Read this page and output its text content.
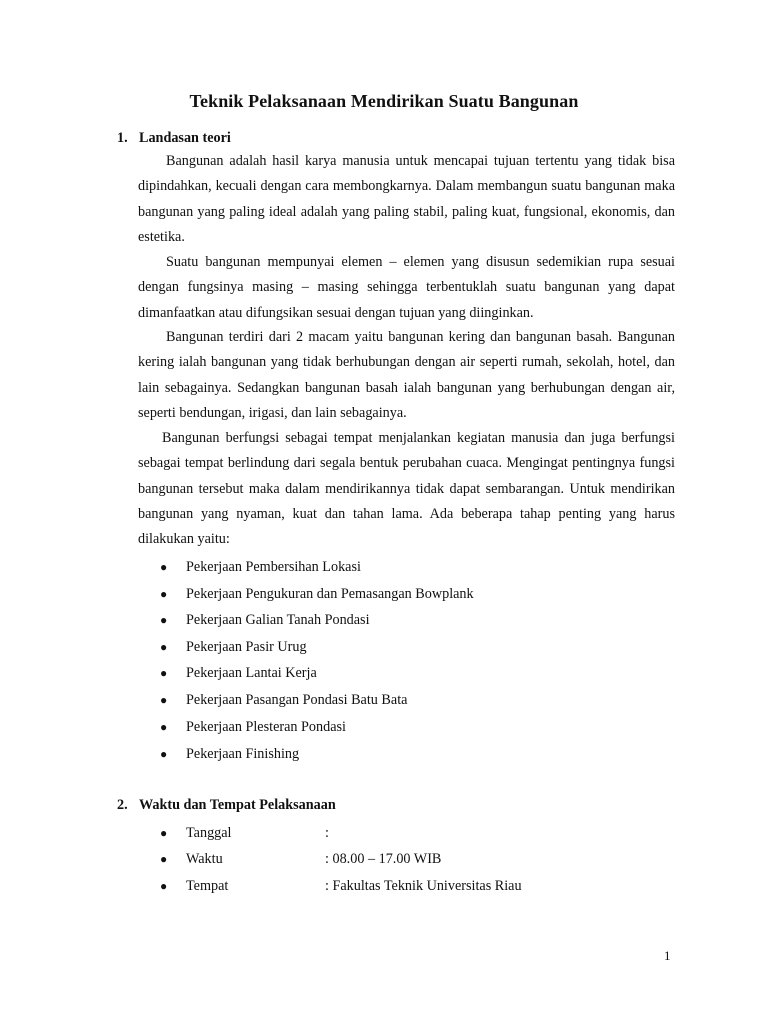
Teknik Pelaksanaan Mendirikan Suatu Bangunan
1. Landasan teori

Bangunan adalah hasil karya manusia untuk mencapai tujuan tertentu yang tidak bisa dipindahkan, kecuali dengan cara membongkarnya. Dalam membangun suatu bangunan maka bangunan yang paling ideal adalah yang paling stabil, paling kuat, fungsional, ekonomis, dan estetika.

Suatu bangunan mempunyai elemen – elemen yang disusun sedemikian rupa sesuai dengan fungsinya masing – masing sehingga terbentuklah suatu bangunan yang dapat dimanfaatkan atau difungsikan sesuai dengan tujuan yang diinginkan.

Bangunan terdiri dari 2 macam yaitu bangunan kering dan bangunan basah. Bangunan kering ialah bangunan yang tidak berhubungan dengan air seperti rumah, sekolah, hotel, dan lain sebagainya. Sedangkan bangunan basah ialah bangunan yang berhubungan dengan air, seperti bendungan, irigasi, dan lain sebagainya.

Bangunan berfungsi sebagai tempat menjalankan kegiatan manusia dan juga berfungsi sebagai tempat berlindung dari segala bentuk perubahan cuaca. Mengingat pentingnya fungsi bangunan tersebut maka dalam mendirikannya tidak dapat sembarangan. Untuk mendirikan bangunan yang nyaman, kuat dan tahan lama. Ada beberapa tahap penting yang harus dilakukan yaitu:

●	Pekerjaan Pembersihan Lokasi
●	Pekerjaan Pengukuran dan Pemasangan Bowplank
●	Pekerjaan Galian Tanah Pondasi
●	Pekerjaan Pasir Urug
●	Pekerjaan Lantai Kerja
●	Pekerjaan Pasangan Pondasi Batu Bata
●	Pekerjaan Plesteran Pondasi
●	Pekerjaan Finishing
2. Waktu dan Tempat Pelaksanaan
● Tanggal	:
● Waktu	: 08.00 – 17.00 WIB
● Tempat	: Fakultas Teknik Universitas Riau
1
